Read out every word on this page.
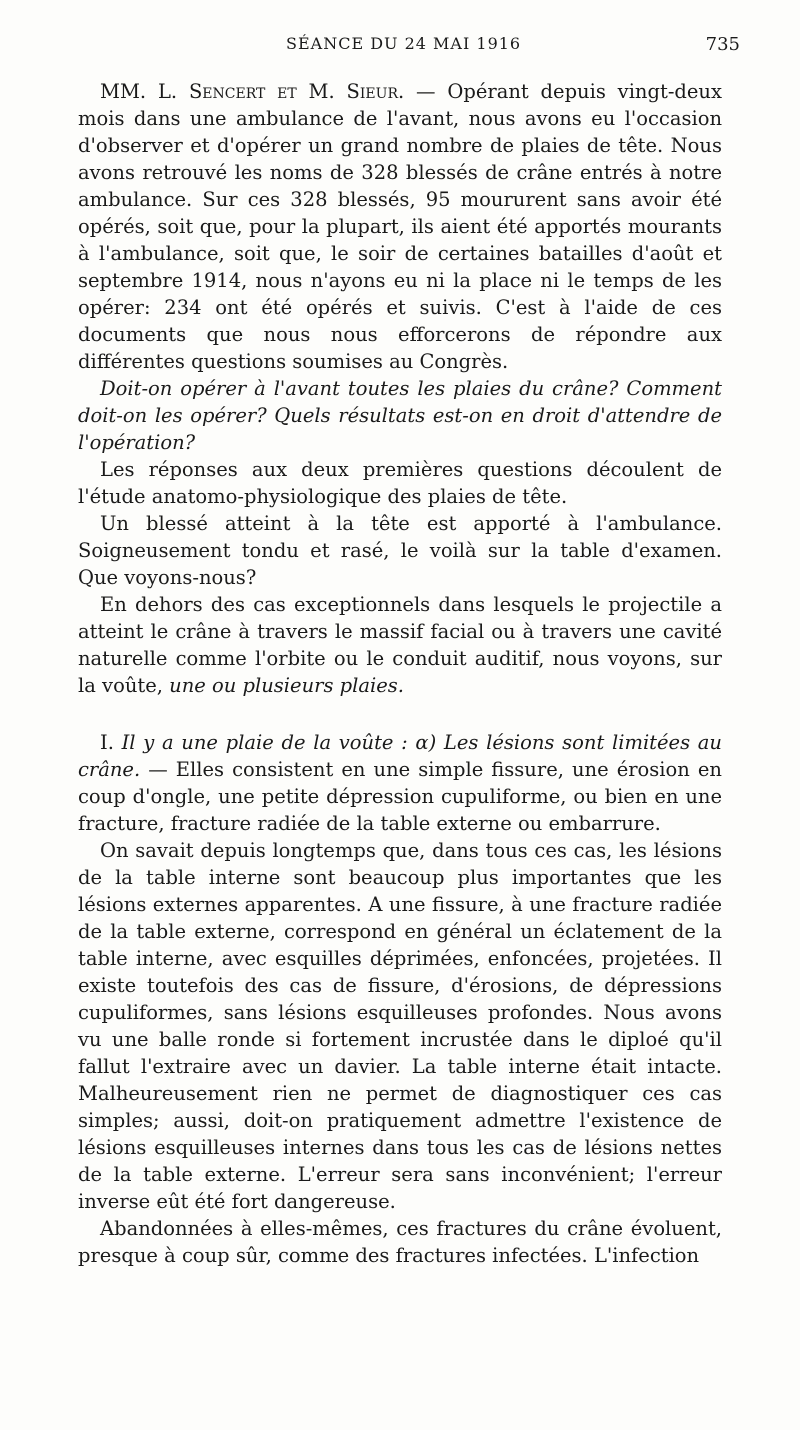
SÉANCE DU 24 MAI 1916	735

MM. L. Sencert et M. Sieur. — Opérant depuis vingt-deux mois dans une ambulance de l'avant, nous avons eu l'occasion d'observer et d'opérer un grand nombre de plaies de tête. Nous avons retrouvé les noms de 328 blessés de crâne entrés à notre ambulance. Sur ces 328 blessés, 95 moururent sans avoir été opérés, soit que, pour la plupart, ils aient été apportés mourants à l'ambulance, soit que, le soir de certaines batailles d'août et septembre 1914, nous n'ayons eu ni la place ni le temps de les opérer: 234 ont été opérés et suivis. C'est à l'aide de ces documents que nous nous efforcerons de répondre aux différentes questions soumises au Congrès.

Doit-on opérer à l'avant toutes les plaies du crâne? Comment doit-on les opérer? Quels résultats est-on en droit d'attendre de l'opération?

Les réponses aux deux premières questions découlent de l'étude anatomo-physiologique des plaies de tête.

Un blessé atteint à la tête est apporté à l'ambulance. Soigneusement tondu et rasé, le voilà sur la table d'examen. Que voyons-nous?

En dehors des cas exceptionnels dans lesquels le projectile a atteint le crâne à travers le massif facial ou à travers une cavité naturelle comme l'orbite ou le conduit auditif, nous voyons, sur la voûte, une ou plusieurs plaies.

I. Il y a une plaie de la voûte : α) Les lésions sont limitées au crâne. — Elles consistent en une simple fissure, une érosion en coup d'ongle, une petite dépression cupuliforme, ou bien en une fracture, fracture radiée de la table externe ou embarrure.

On savait depuis longtemps que, dans tous ces cas, les lésions de la table interne sont beaucoup plus importantes que les lésions externes apparentes. A une fissure, à une fracture radiée de la table externe, correspond en général un éclatement de la table interne, avec esquilles déprimées, enfoncées, projetées. Il existe toutefois des cas de fissure, d'érosions, de dépressions cupuliformes, sans lésions esquilleuses profondes. Nous avons vu une balle ronde si fortement incrustée dans le diploé qu'il fallut l'extraire avec un davier. La table interne était intacte. Malheureusement rien ne permet de diagnostiquer ces cas simples; aussi, doit-on pratiquement admettre l'existence de lésions esquilleuses internes dans tous les cas de lésions nettes de la table externe. L'erreur sera sans inconvénient; l'erreur inverse eût été fort dangereuse.

Abandonnées à elles-mêmes, ces fractures du crâne évoluent, presque à coup sûr, comme des fractures infectées. L'infection
